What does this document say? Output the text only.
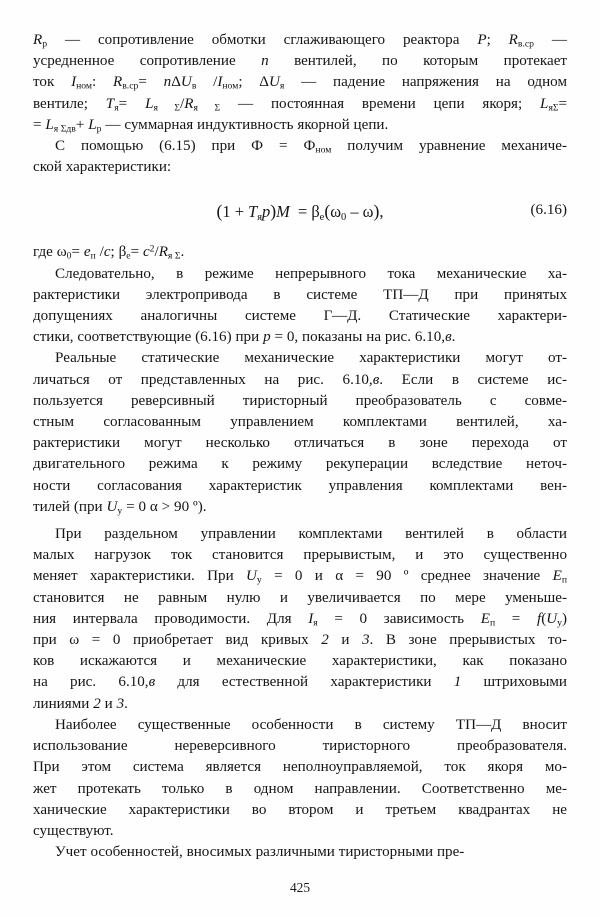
$R_р$ — сопротивление обмотки сглаживающего реактора P; $R_{в.ср}$ —
усредненное сопротивление n вентилей, по которым протекает
ток $I_{ном}$: $R_{в.ср}= n\Delta U_в$ $/I_{ном}$; $\Delta U_я$ — падение напряжения на одном
вентиле; $T_я= L_{я \Sigma}/R_{я \Sigma}$ — постоянная времени цепи якоря; $L_{я\Sigma}=$
= $L_{я \Sigma дв}+ L_р$ — суммарная индуктивность якорной цепи.
С помощью (6.15) при $Ф = Ф_{ном}$ получим уравнение механиче-
ской характеристики:
$(1 + T_яp)M = \beta_e(\omega_0 - \omega)$,	(6.16)
где $\omega_0= e_п$ /c; $\beta_e= c^2/R_{я \Sigma}$.
Следовательно, в режиме непрерывного тока механические ха-
рактеристики электропривода в системе ТП—Д при принятых
допущениях аналогичны системе Г—Д. Статические характери-
стики, соответствующие (6.16) при p = 0, показаны на рис. 6.10,в.
Реальные статические механические характеристики могут от-
личаться от представленных на рис. 6.10,в. Если в системе ис-
пользуется реверсивный тиристорный преобразователь с совме-
стным согласованным управлением комплектами вентилей, ха-
рактеристики могут несколько отличаться в зоне перехода от
двигательного режима к режиму рекуперации вследствие неточ-
ности согласования характеристик управления комплектами вен-
тилей (при $U_у = 0$ α > 90 º).
При раздельном управлении комплектами вентилей в области
малых нагрузок ток становится прерывистым, и это существенно
меняет характеристики. При $U_у = 0$ и α = 90 º среднее значение $E_п$
становится не равным нулю и увеличивается по мере уменьше-
ния интервала проводимости. Для $I_я = 0$ зависимость $E_п = f(U_у)$
при ω = 0 приобретает вид кривых 2 и 3. В зоне прерывистых то-
ков искажаются и механические характеристики, как показано
на рис. 6.10,в для естественной характеристики 1 штриховыми
линиями 2 и 3.
Наиболее существенные особенности в систему ТП—Д вносит
использование нереверсивного тиристорного преобразователя.
При этом система является неполноуправляемой, ток якоря мо-
жет протекать только в одном направлении. Соответственно ме-
ханические характеристики во втором и третьем квадрантах не
существуют.
Учет особенностей, вносимых различными тиристорными пре-
425
